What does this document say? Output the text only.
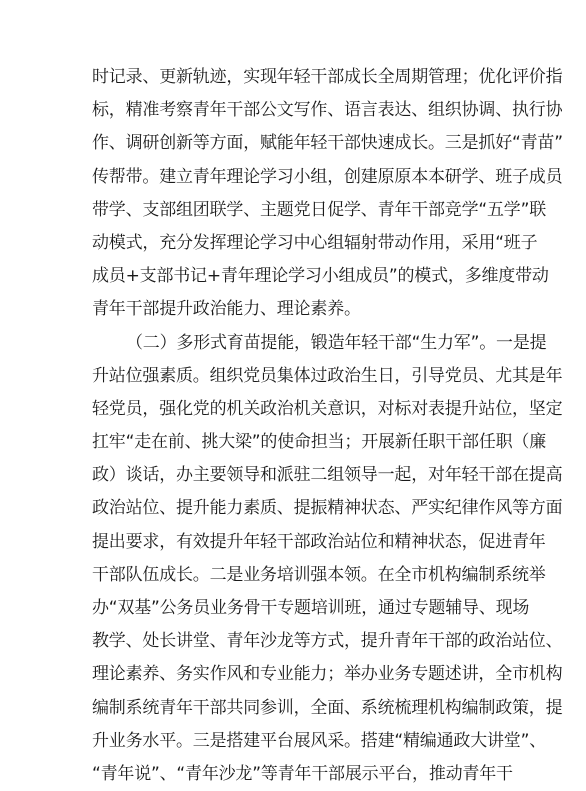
时记录、更新轨迹，实现年轻干部成长全周期管理；优化评价指
标，精准考察青年干部公文写作、语言表达、组织协调、执行协
作、调研创新等方面，赋能年轻干部快速成长。三是抓好“青苗”
传帮带。建立青年理论学习小组，创建原原本本研学、班子成员
带学、支部组团联学、主题党日促学、青年干部竞学“五学”联
动模式，充分发挥理论学习中心组辐射带动作用，采用“班子
成员+支部书记+青年理论学习小组成员”的模式，多维度带动
青年干部提升政治能力、理论素养。
（二）多形式育苗提能，锻造年轻干部“生力军”。一是提
升站位强素质。组织党员集体过政治生日，引导党员、尤其是年
轻党员，强化党的机关政治机关意识，对标对表提升站位，坚定
扛牢“走在前、挑大梁”的使命担当；开展新任职干部任职（廉
政）谈话，办主要领导和派驻二组领导一起，对年轻干部在提高
政治站位、提升能力素质、提振精神状态、严实纪律作风等方面
提出要求，有效提升年轻干部政治站位和精神状态，促进青年
干部队伍成长。二是业务培训强本领。在全市机构编制系统举
办“双基”公务员业务骨干专题培训班，通过专题辅导、现场
教学、处长讲堂、青年沙龙等方式，提升青年干部的政治站位、
理论素养、务实作风和专业能力；举办业务专题述讲，全市机构
编制系统青年干部共同参训，全面、系统梳理机构编制政策，提
升业务水平。三是搭建平台展风采。搭建“精编通政大讲堂”、
“青年说”、“青年沙龙”等青年干部展示平台，推动青年干
